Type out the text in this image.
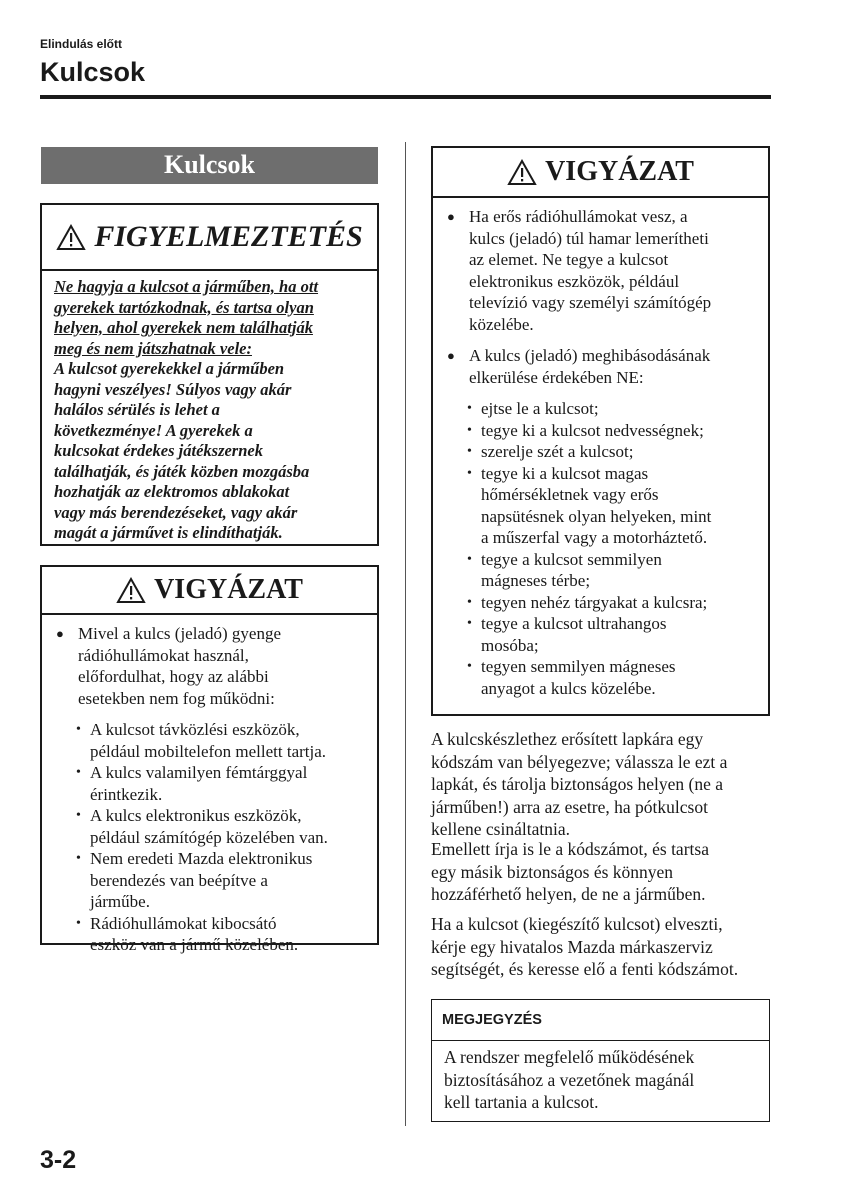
Elindulás előtt
Kulcsok
Kulcsok
FIGYELMEZTETÉS
Ne hagyja a kulcsot a járműben, ha ott
gyerekek tartózkodnak, és tartsa olyan
helyen, ahol gyerekek nem találhatják
meg és nem játszhatnak vele:
A kulcsot gyerekekkel a járműben
hagyni veszélyes! Súlyos vagy akár
halálos sérülés is lehet a
következménye! A gyerekek a
kulcsokat érdekes játékszernek
találhatják, és játék közben mozgásba
hozhatják az elektromos ablakokat
vagy más berendezéseket, vagy akár
magát a járművet is elindíthatják.
VIGYÁZAT
● Mivel a kulcs (jeladó) gyenge
rádióhullámokat használ,
előfordulhat, hogy az alábbi
esetekben nem fog működni:
• A kulcsot távközlési eszközök,
például mobiltelefon mellett tartja.
• A kulcs valamilyen fémtárggyal
érintkezik.
• A kulcs elektronikus eszközök,
például számítógép közelében van.
• Nem eredeti Mazda elektronikus
berendezés van beépítve a
járműbe.
• Rádióhullámokat kibocsátó
eszköz van a jármű közelében.
VIGYÁZAT
● Ha erős rádióhullámokat vesz, a
kulcs (jeladó) túl hamar lemerítheti
az elemet. Ne tegye a kulcsot
elektronikus eszközök, például
televízió vagy személyi számítógép
közelébe.
● A kulcs (jeladó) meghibásodásának
elkerülése érdekében NE:
• ejtse le a kulcsot;
• tegye ki a kulcsot nedvességnek;
• szerelje szét a kulcsot;
• tegye ki a kulcsot magas
hőmérsékletnek vagy erős
napsütésnek olyan helyeken, mint
a műszerfal vagy a motorháztető.
• tegye a kulcsot semmilyen
mágneses térbe;
• tegyen nehéz tárgyakat a kulcsra;
• tegye a kulcsot ultrahangos
mosóba;
• tegyen semmilyen mágneses
anyagot a kulcs közelébe.
A kulcskészlethez erősített lapkára egy
kódszám van bélyegezve; válassza le ezt a
lapkát, és tárolja biztonságos helyen (ne a
járműben!) arra az esetre, ha pótkulcsot
kellene csináltatnia.
Emellett írja is le a kódszámot, és tartsa
egy másik biztonságos és könnyen
hozzáférhető helyen, de ne a járműben.
Ha a kulcsot (kiegészítő kulcsot) elveszti,
kérje egy hivatalos Mazda márkaszerviz
segítségét, és keresse elő a fenti kódszámot.
MEGJEGYZÉS
A rendszer megfelelő működésének
biztosításához a vezetőnek magánál
kell tartania a kulcsot.
3-2
